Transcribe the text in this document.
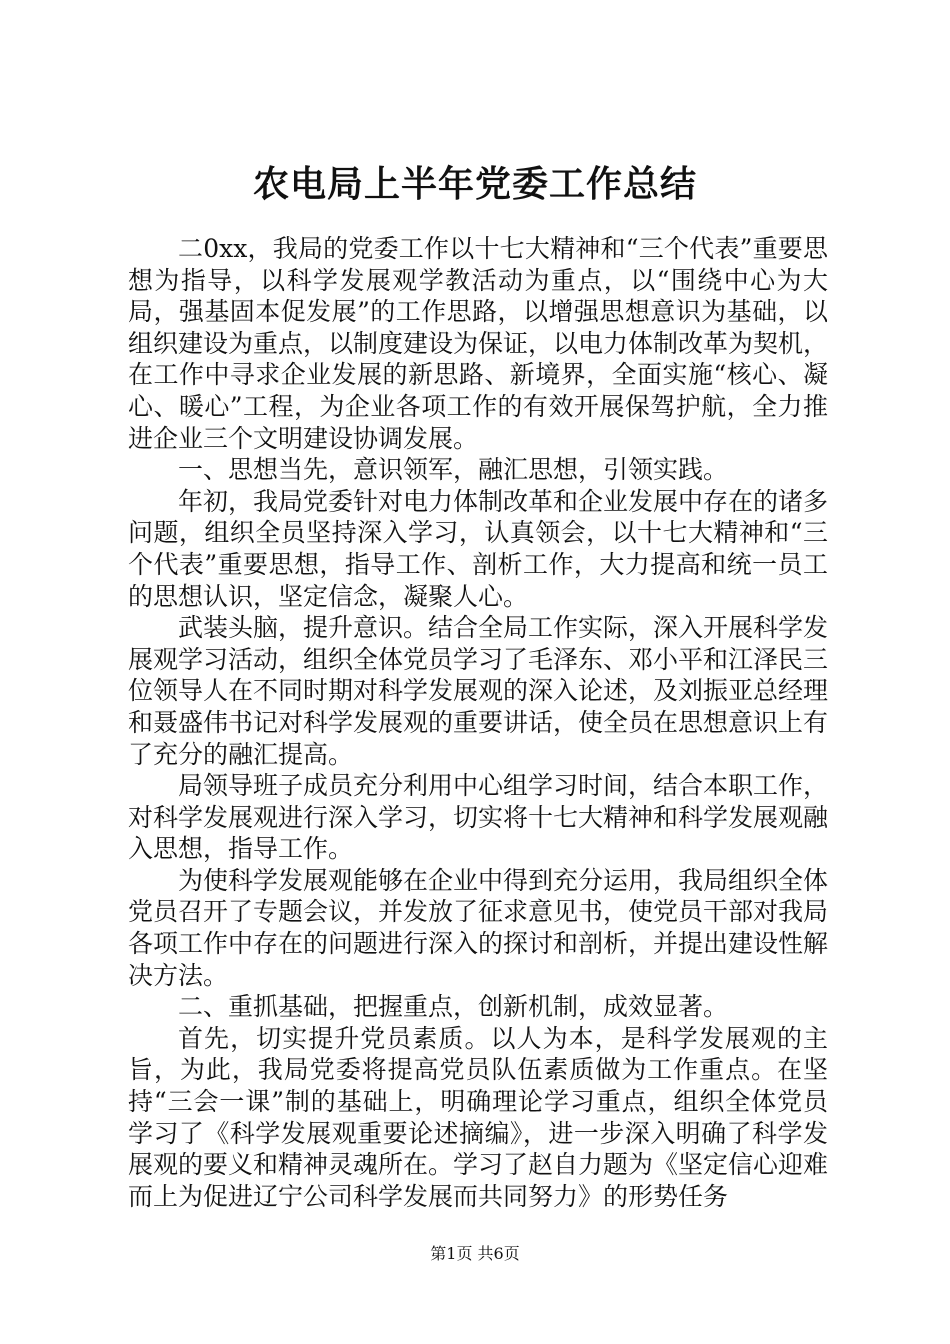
农电局上半年党委工作总结

二0xx，我局的党委工作以十七大精神和“三个代表”重要思想为指导，以科学发展观学教活动为重点，以“围绕中心为大局，强基固本促发展”的工作思路，以增强思想意识为基础，以组织建设为重点，以制度建设为保证，以电力体制改革为契机，在工作中寻求企业发展的新思路、新境界，全面实施“核心、凝心、暖心”工程，为企业各项工作的有效开展保驾护航，全力推进企业三个文明建设协调发展。

一、思想当先，意识领军，融汇思想，引领实践。

年初，我局党委针对电力体制改革和企业发展中存在的诸多问题，组织全员坚持深入学习，认真领会，以十七大精神和“三个代表”重要思想，指导工作、剖析工作，大力提高和统一员工的思想认识，坚定信念，凝聚人心。

武装头脑，提升意识。结合全局工作实际，深入开展科学发展观学习活动，组织全体党员学习了毛泽东、邓小平和江泽民三位领导人在不同时期对科学发展观的深入论述，及刘振亚总经理和聂盛伟书记对科学发展观的重要讲话，使全员在思想意识上有了充分的融汇提高。

局领导班子成员充分利用中心组学习时间，结合本职工作，对科学发展观进行深入学习，切实将十七大精神和科学发展观融入思想，指导工作。

为使科学发展观能够在企业中得到充分运用，我局组织全体党员召开了专题会议，并发放了征求意见书，使党员干部对我局各项工作中存在的问题进行深入的探讨和剖析，并提出建设性解决方法。

二、重抓基础，把握重点，创新机制，成效显著。

首先，切实提升党员素质。以人为本，是科学发展观的主旨，为此，我局党委将提高党员队伍素质做为工作重点。在坚持“三会一课”制的基础上，明确理论学习重点，组织全体党员学习了《科学发展观重要论述摘编》，进一步深入明确了科学发展观的要义和精神灵魂所在。学习了赵自力题为《坚定信心迎难而上为促进辽宁公司科学发展而共同努力》的形势任务

第1页 共6页
